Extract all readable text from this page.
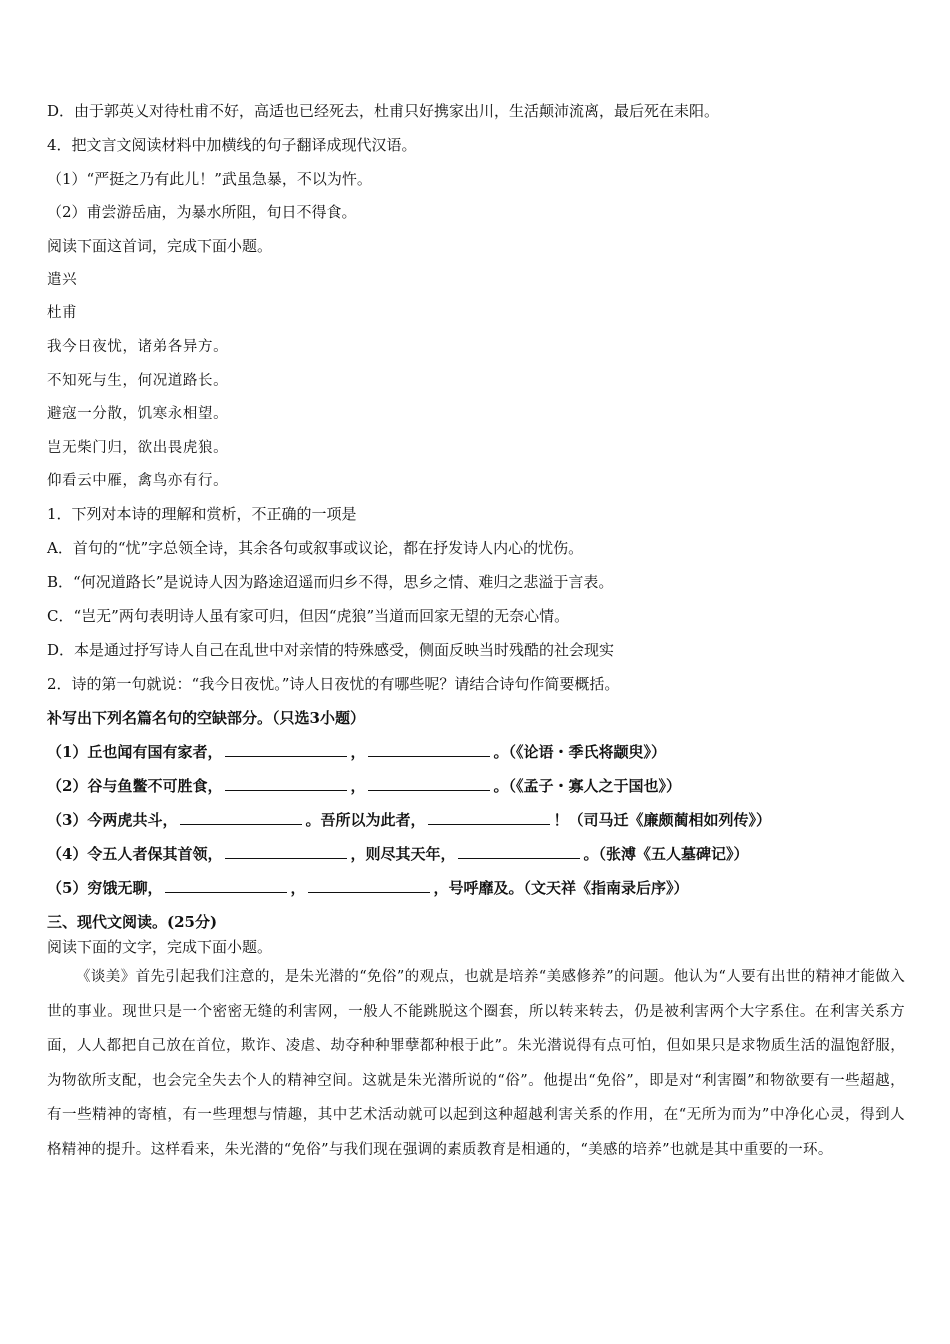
D．由于郭英乂对待杜甫不好，高适也已经死去，杜甫只好携家出川，生活颠沛流离，最后死在耒阳。
4．把文言文阅读材料中加横线的句子翻译成现代汉语。
（1）“严挺之乃有此儿！”武虽急暴，不以为忤。
（2）甫尝游岳庙，为暴水所阻，旬日不得食。
阅读下面这首词，完成下面小题。
遣兴
杜甫
我今日夜忧，诸弟各异方。
不知死与生，何况道路长。
避寇一分散，饥寒永相望。
岂无柴门归，欲出畏虎狼。
仰看云中雁，禽鸟亦有行。
1．下列对本诗的理解和赏析，不正确的一项是
A．首句的“忧”字总领全诗，其余各句或叙事或议论，都在抒发诗人内心的忧伤。
B．“何况道路长”是说诗人因为路途迢遥而归乡不得，思乡之情、难归之悲溢于言表。
C．“岂无”两句表明诗人虽有家可归，但因“虎狼”当道而回家无望的无奈心情。
D．本是通过抒写诗人自己在乱世中对亲情的特殊感受，侧面反映当时残酷的社会现实
2．诗的第一句就说：“我今日夜忧。”诗人日夜忧的有哪些呢？请结合诗句作简要概括。
补写出下列名篇名句的空缺部分。（只选3小题）
（1）丘也闻有国有家者，	，	。（《论语・季氏将颛臾》）
（2）谷与鱼鳖不可胜食，	，	。（《孟子・寡人之于国也》）
（3）今两虎共斗，	。吾所以为此者，	！（司马迁《廉颇蔺相如列传》）
（4）令五人者保其首领，	，则尽其天年，	。（张溥《五人墓碑记》）
（5）穷饿无聊，	，	，号呼靡及。（文天祥《指南录后序》）
三、现代文阅读。(25分)
阅读下面的文字，完成下面小题。
《谈美》首先引起我们注意的，是朱光潜的“免俗”的观点，也就是培养“美感修养”的问题。他认为“人要有出世的精神才能做入世的事业。现世只是一个密密无缝的利害网，一般人不能跳脱这个圈套，所以转来转去，仍是被利害两个大字系住。在利害关系方面，人人都把自己放在首位，欺诈、凌虐、劫夺种种罪孽都种根于此”。朱光潜说得有点可怕，但如果只是求物质生活的温饱舒服，为物欲所支配，也会完全失去个人的精神空间。这就是朱光潜所说的“俗”。他提出“免俗”，即是对“利害圈”和物欲要有一些超越，有一些精神的寄植，有一些理想与情趣，其中艺术活动就可以起到这种超越利害关系的作用，在“无所为而为”中净化心灵，得到人格精神的提升。这样看来，朱光潜的“免俗”与我们现在强调的素质教育是相通的，“美感的培养”也就是其中重要的一环。
